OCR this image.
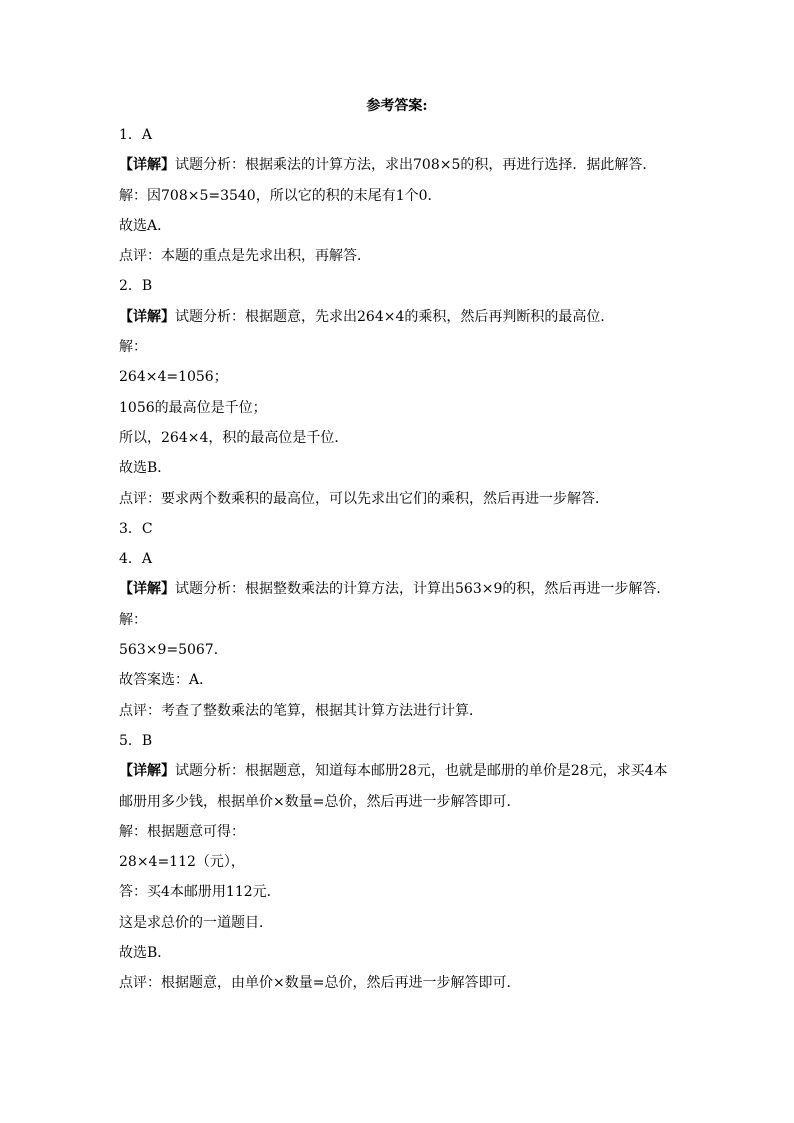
参考答案:
1．A
【详解】试题分析：根据乘法的计算方法，求出708×5的积，再进行选择．据此解答．
解：因708×5=3540，所以它的积的末尾有1个0．
故选A．
点评：本题的重点是先求出积，再解答．
2．B
【详解】试题分析：根据题意，先求出264×4的乘积，然后再判断积的最高位．
解：
264×4=1056；
1056的最高位是千位；
所以，264×4，积的最高位是千位．
故选B．
点评：要求两个数乘积的最高位，可以先求出它们的乘积，然后再进一步解答．
3．C
4．A
【详解】试题分析：根据整数乘法的计算方法，计算出563×9的积，然后再进一步解答．
解：
563×9=5067．
故答案选：A．
点评：考查了整数乘法的笔算，根据其计算方法进行计算．
5．B
【详解】试题分析：根据题意，知道每本邮册28元，也就是邮册的单价是28元，求买4本
邮册用多少钱，根据单价×数量=总价，然后再进一步解答即可．
解：根据题意可得：
28×4=112（元），
答：买4本邮册用112元．
这是求总价的一道题目．
故选B．
点评：根据题意，由单价×数量=总价，然后再进一步解答即可．
